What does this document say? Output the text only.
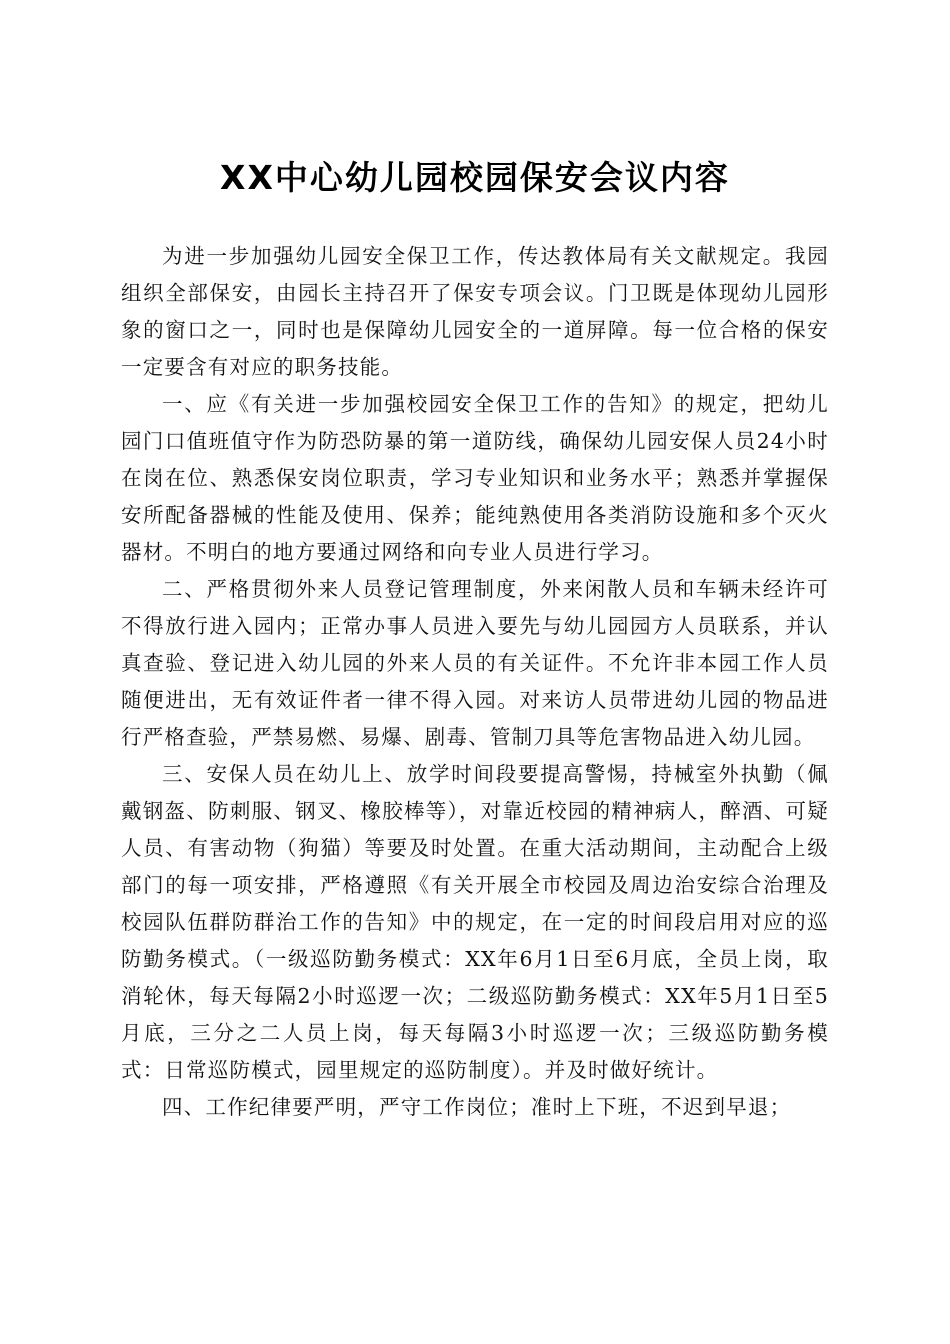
XX中心幼儿园校园保安会议内容

为进一步加强幼儿园安全保卫工作，传达教体局有关文献规定。我园组织全部保安，由园长主持召开了保安专项会议。门卫既是体现幼儿园形象的窗口之一，同时也是保障幼儿园安全的一道屏障。每一位合格的保安一定要含有对应的职务技能。

一、应《有关进一步加强校园安全保卫工作的告知》的规定，把幼儿园门口值班值守作为防恐防暴的第一道防线，确保幼儿园安保人员24小时在岗在位、熟悉保安岗位职责，学习专业知识和业务水平；熟悉并掌握保安所配备器械的性能及使用、保养；能纯熟使用各类消防设施和多个灭火器材。不明白的地方要通过网络和向专业人员进行学习。

二、严格贯彻外来人员登记管理制度，外来闲散人员和车辆未经许可不得放行进入园内；正常办事人员进入要先与幼儿园园方人员联系，并认真查验、登记进入幼儿园的外来人员的有关证件。不允许非本园工作人员随便进出，无有效证件者一律不得入园。对来访人员带进幼儿园的物品进行严格查验，严禁易燃、易爆、剧毒、管制刀具等危害物品进入幼儿园。

三、安保人员在幼儿上、放学时间段要提高警惕，持械室外执勤（佩戴钢盔、防刺服、钢叉、橡胶棒等），对靠近校园的精神病人，醉酒、可疑人员、有害动物（狗猫）等要及时处置。在重大活动期间，主动配合上级部门的每一项安排，严格遵照《有关开展全市校园及周边治安综合治理及校园队伍群防群治工作的告知》中的规定，在一定的时间段启用对应的巡防勤务模式。（一级巡防勤务模式：XX年6月1日至6月底，全员上岗，取消轮休，每天每隔2小时巡逻一次；二级巡防勤务模式：XX年5月1日至5月底，三分之二人员上岗，每天每隔3小时巡逻一次；三级巡防勤务模式：日常巡防模式，园里规定的巡防制度）。并及时做好统计。

四、工作纪律要严明，严守工作岗位；准时上下班，不迟到早退；
